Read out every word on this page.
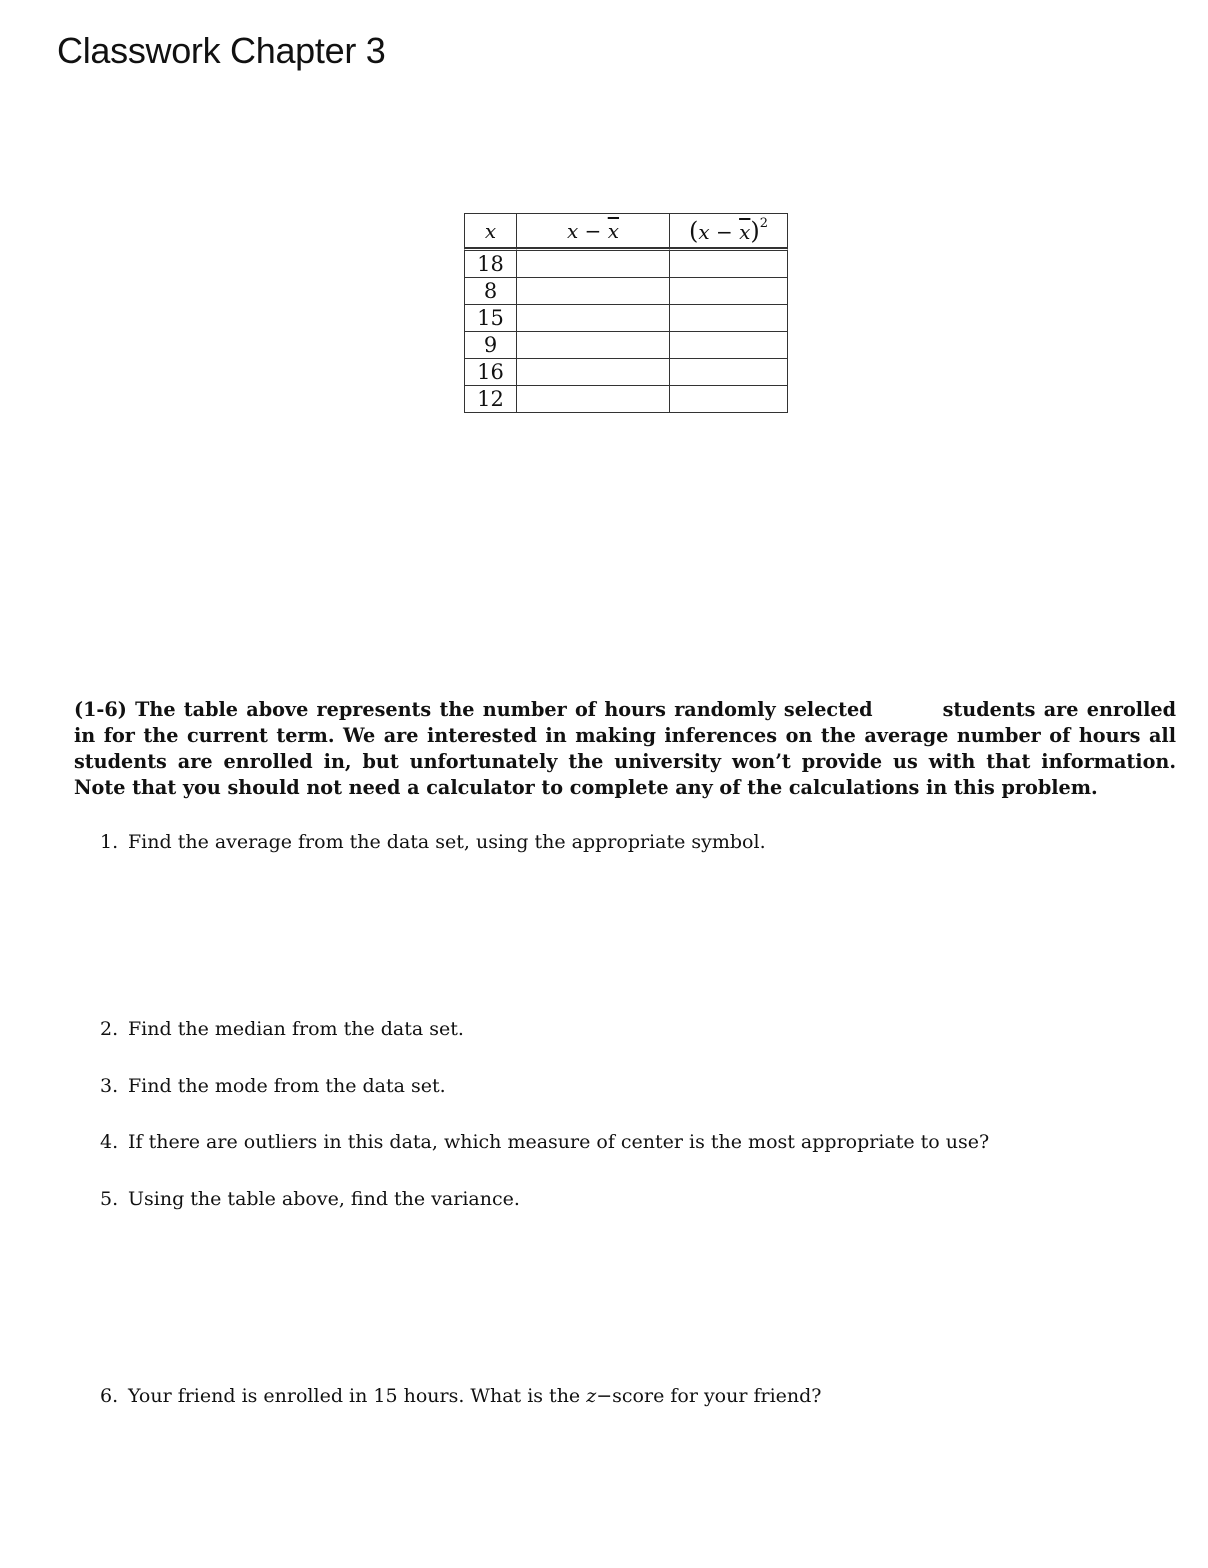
Classwork Chapter 3
x	$x - \overline{x}$	$(x - \overline{x})^2$
18		
8		
15		
9		
16		
12		

(1-6) The table above represents the number of hours randomly selected	students are enrolled in for the current term. We are interested in making inferences on the average number of hours all students are enrolled in, but unfortunately the university won’t provide us with that information. Note that you should not need a calculator to complete any of the calculations in this problem.

1. Find the average from the data set, using the appropriate symbol.

2. Find the median from the data set.

3. Find the mode from the data set.

4. If there are outliers in this data, which measure of center is the most appropriate to use?

5. Using the table above, find the variance.

6. Your friend is enrolled in 15 hours. What is the z−score for your friend?
